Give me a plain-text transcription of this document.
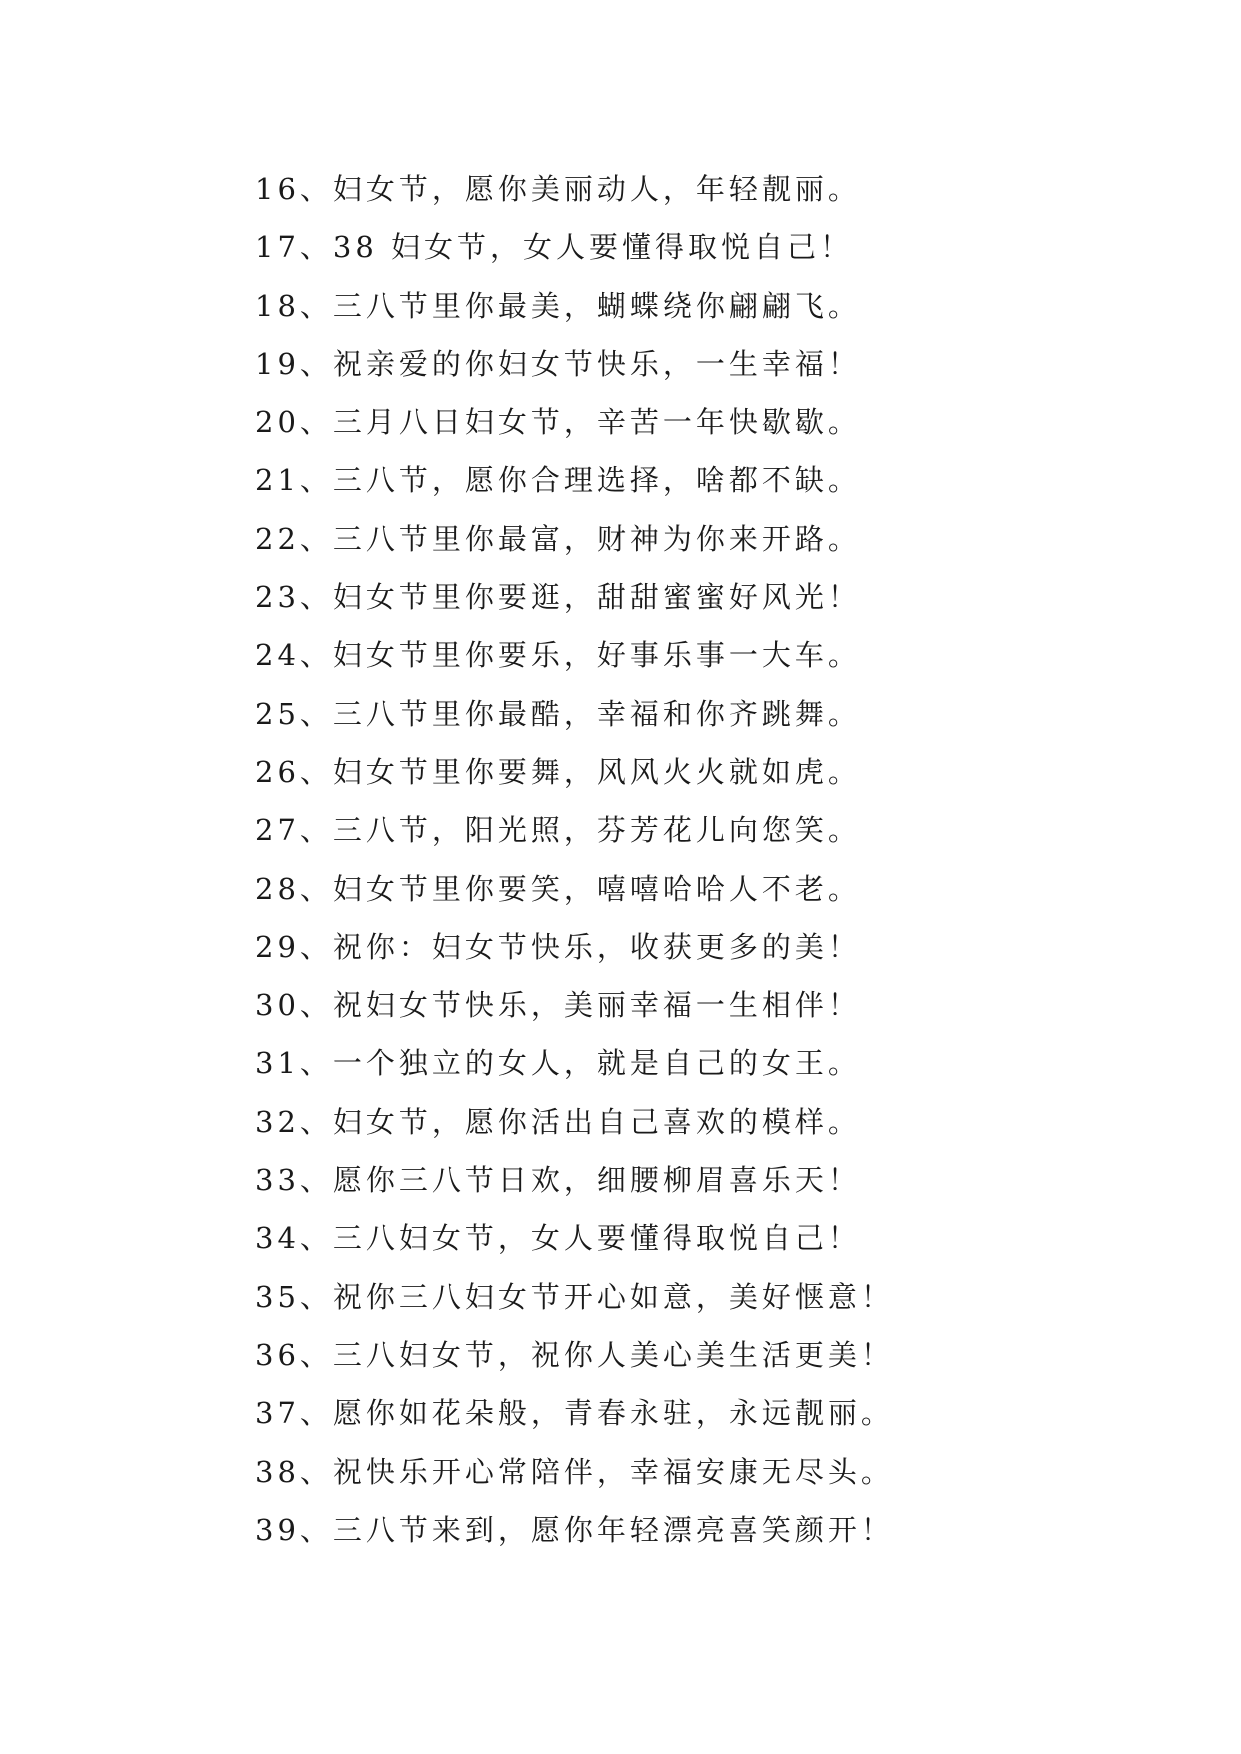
16、妇女节，愿你美丽动人，年轻靓丽。
17、38 妇女节，女人要懂得取悦自己！
18、三八节里你最美，蝴蝶绕你翩翩飞。
19、祝亲爱的你妇女节快乐，一生幸福！
20、三月八日妇女节，辛苦一年快歇歇。
21、三八节，愿你合理选择，啥都不缺。
22、三八节里你最富，财神为你来开路。
23、妇女节里你要逛，甜甜蜜蜜好风光！
24、妇女节里你要乐，好事乐事一大车。
25、三八节里你最酷，幸福和你齐跳舞。
26、妇女节里你要舞，风风火火就如虎。
27、三八节，阳光照，芬芳花儿向您笑。
28、妇女节里你要笑，嘻嘻哈哈人不老。
29、祝你：妇女节快乐，收获更多的美！
30、祝妇女节快乐，美丽幸福一生相伴！
31、一个独立的女人，就是自己的女王。
32、妇女节，愿你活出自己喜欢的模样。
33、愿你三八节日欢，细腰柳眉喜乐天！
34、三八妇女节，女人要懂得取悦自己！
35、祝你三八妇女节开心如意，美好惬意！
36、三八妇女节，祝你人美心美生活更美！
37、愿你如花朵般，青春永驻，永远靓丽。
38、祝快乐开心常陪伴，幸福安康无尽头。
39、三八节来到，愿你年轻漂亮喜笑颜开！
